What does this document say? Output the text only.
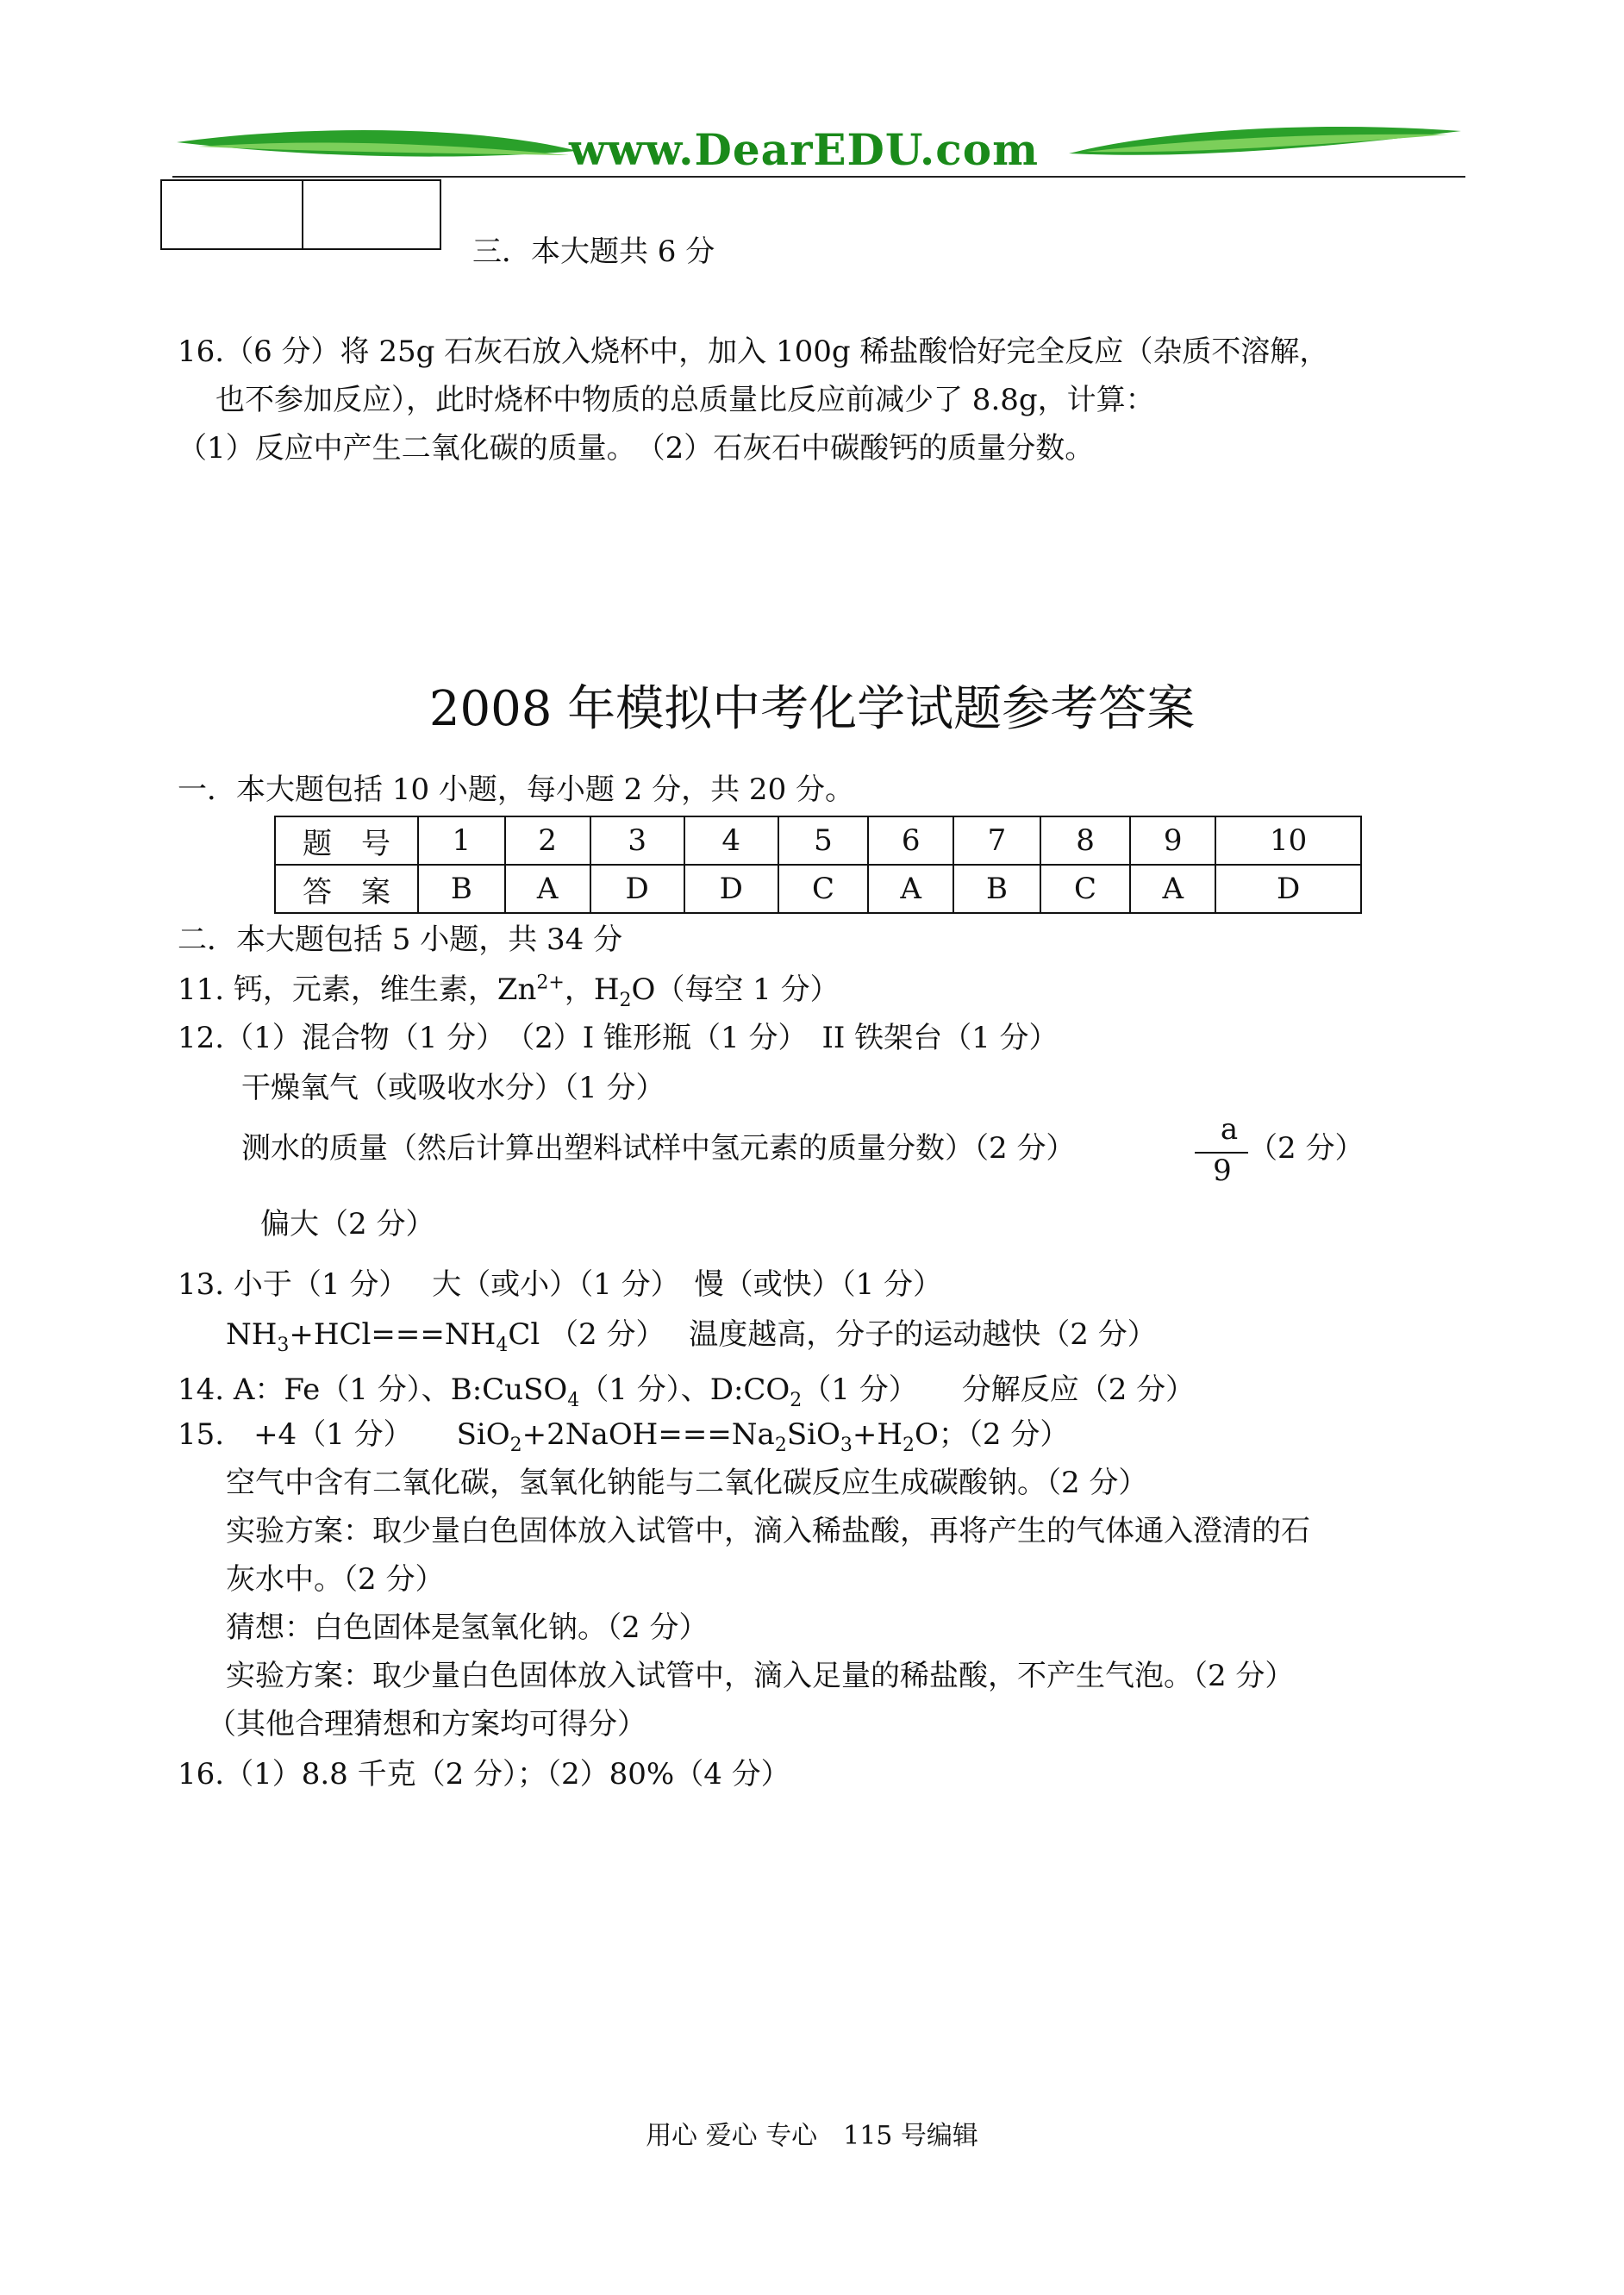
www.DearEDU.com
三．本大题共 6 分
16.（6 分）将 25g 石灰石放入烧杯中，加入 100g 稀盐酸恰好完全反应（杂质不溶解，
也不参加反应），此时烧杯中物质的总质量比反应前减少了 8.8g，计算：
（1）反应中产生二氧化碳的质量。　（2）石灰石中碳酸钙的质量分数。
2008 年模拟中考化学试题参考答案
一．本大题包括 10 小题，每小题 2 分，共 20 分。
题　号	1	2	3	4	5	6	7	8	9	10
答　案	B	A	D	D	C	A	B	C	A	D
二．本大题包括 5 小题，共 34 分
11. 钙，元素，维生素，$Zn^{2+}$，$H_2O$（每空 1 分）
12.（1）混合物（1 分）　（2）I 锥形瓶（1 分）　II 铁架台（1 分）
干燥氧气（或吸收水分）（1 分）
测水的质量（然后计算出塑料试样中氢元素的质量分数）（2 分）
a
9
（2 分）
偏大（2 分）
13. 小于（1 分）　 大（或小）（1 分）　慢（或快）（1 分）
$NH_3+HCl===NH_4Cl$ （2 分）　 温度越高，分子的运动越快（2 分）
14. A：Fe（1 分）、B:CuSO$_4$（1 分）、$D:CO_2(1$ 分）　　分解反应（2 分）
15.　+4（1 分）　　$SiO_2+2NaOH===Na_2SiO_3+H_2O$；（2 分）
空气中含有二氧化碳，氢氧化钠能与二氧化碳反应生成碳酸钠。（2 分）
实验方案：取少量白色固体放入试管中，滴入稀盐酸，再将产生的气体通入澄清的石
灰水中。（2 分）
猜想：白色固体是氢氧化钠。（2 分）
实验方案：取少量白色固体放入试管中，滴入足量的稀盐酸，不产生气泡。（2 分）
（其他合理猜想和方案均可得分）
16.（1）8.8 千克（2 分）；（2）80%（4 分）
用心 爱心 专心　115 号编辑
